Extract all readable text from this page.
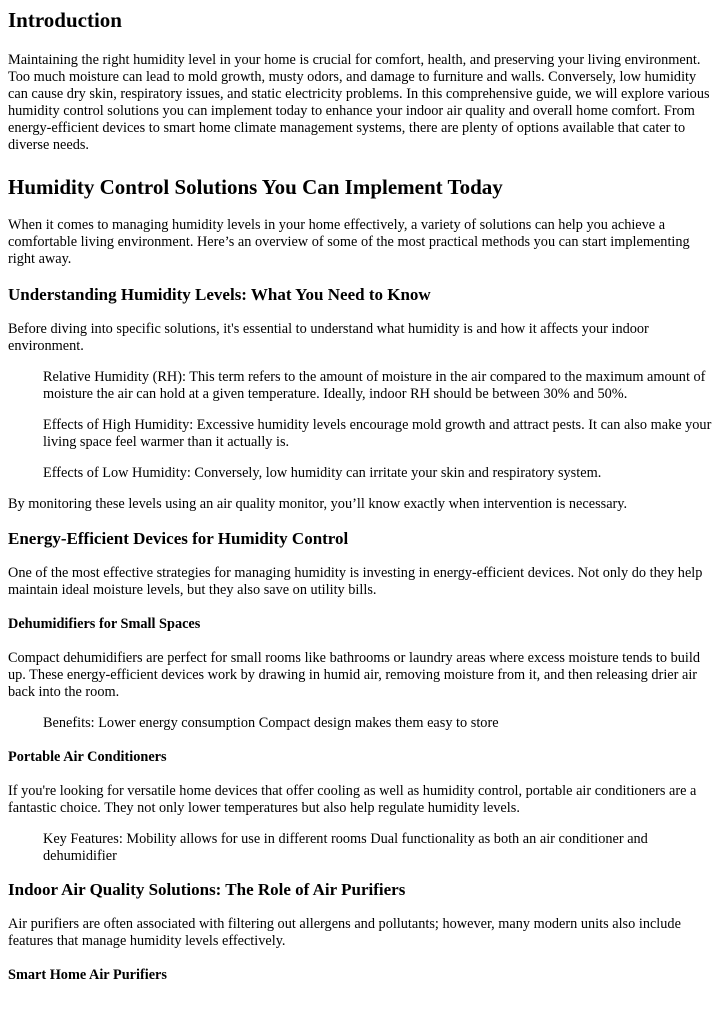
Introduction

Maintaining the right humidity level in your home is crucial for comfort, health, and preserving your living environment. Too much moisture can lead to mold growth, musty odors, and damage to furniture and walls. Conversely, low humidity can cause dry skin, respiratory issues, and static electricity problems. In this comprehensive guide, we will explore various humidity control solutions you can implement today to enhance your indoor air quality and overall home comfort. From energy-efficient devices to smart home climate management systems, there are plenty of options available that cater to diverse needs.

Humidity Control Solutions You Can Implement Today

When it comes to managing humidity levels in your home effectively, a variety of solutions can help you achieve a comfortable living environment. Here’s an overview of some of the most practical methods you can start implementing right away.

Understanding Humidity Levels: What You Need to Know

Before diving into specific solutions, it's essential to understand what humidity is and how it affects your indoor environment.

Relative Humidity (RH): This term refers to the amount of moisture in the air compared to the maximum amount of moisture the air can hold at a given temperature. Ideally, indoor RH should be between 30% and 50%.
Effects of High Humidity: Excessive humidity levels encourage mold growth and attract pests. It can also make your living space feel warmer than it actually is.
Effects of Low Humidity: Conversely, low humidity can irritate your skin and respiratory system.

By monitoring these levels using an air quality monitor, you’ll know exactly when intervention is necessary.

Energy-Efficient Devices for Humidity Control

One of the most effective strategies for managing humidity is investing in energy-efficient devices. Not only do they help maintain ideal moisture levels, but they also save on utility bills.

Dehumidifiers for Small Spaces

Compact dehumidifiers are perfect for small rooms like bathrooms or laundry areas where excess moisture tends to build up. These energy-efficient devices work by drawing in humid air, removing moisture from it, and then releasing drier air back into the room.

Benefits: Lower energy consumption Compact design makes them easy to store
Portable Air Conditioners

If you're looking for versatile home devices that offer cooling as well as humidity control, portable air conditioners are a fantastic choice. They not only lower temperatures but also help regulate humidity levels.

Key Features: Mobility allows for use in different rooms Dual functionality as both an air conditioner and dehumidifier
Indoor Air Quality Solutions: The Role of Air Purifiers

Air purifiers are often associated with filtering out allergens and pollutants; however, many modern units also include features that manage humidity levels effectively.

Smart Home Air Purifiers
